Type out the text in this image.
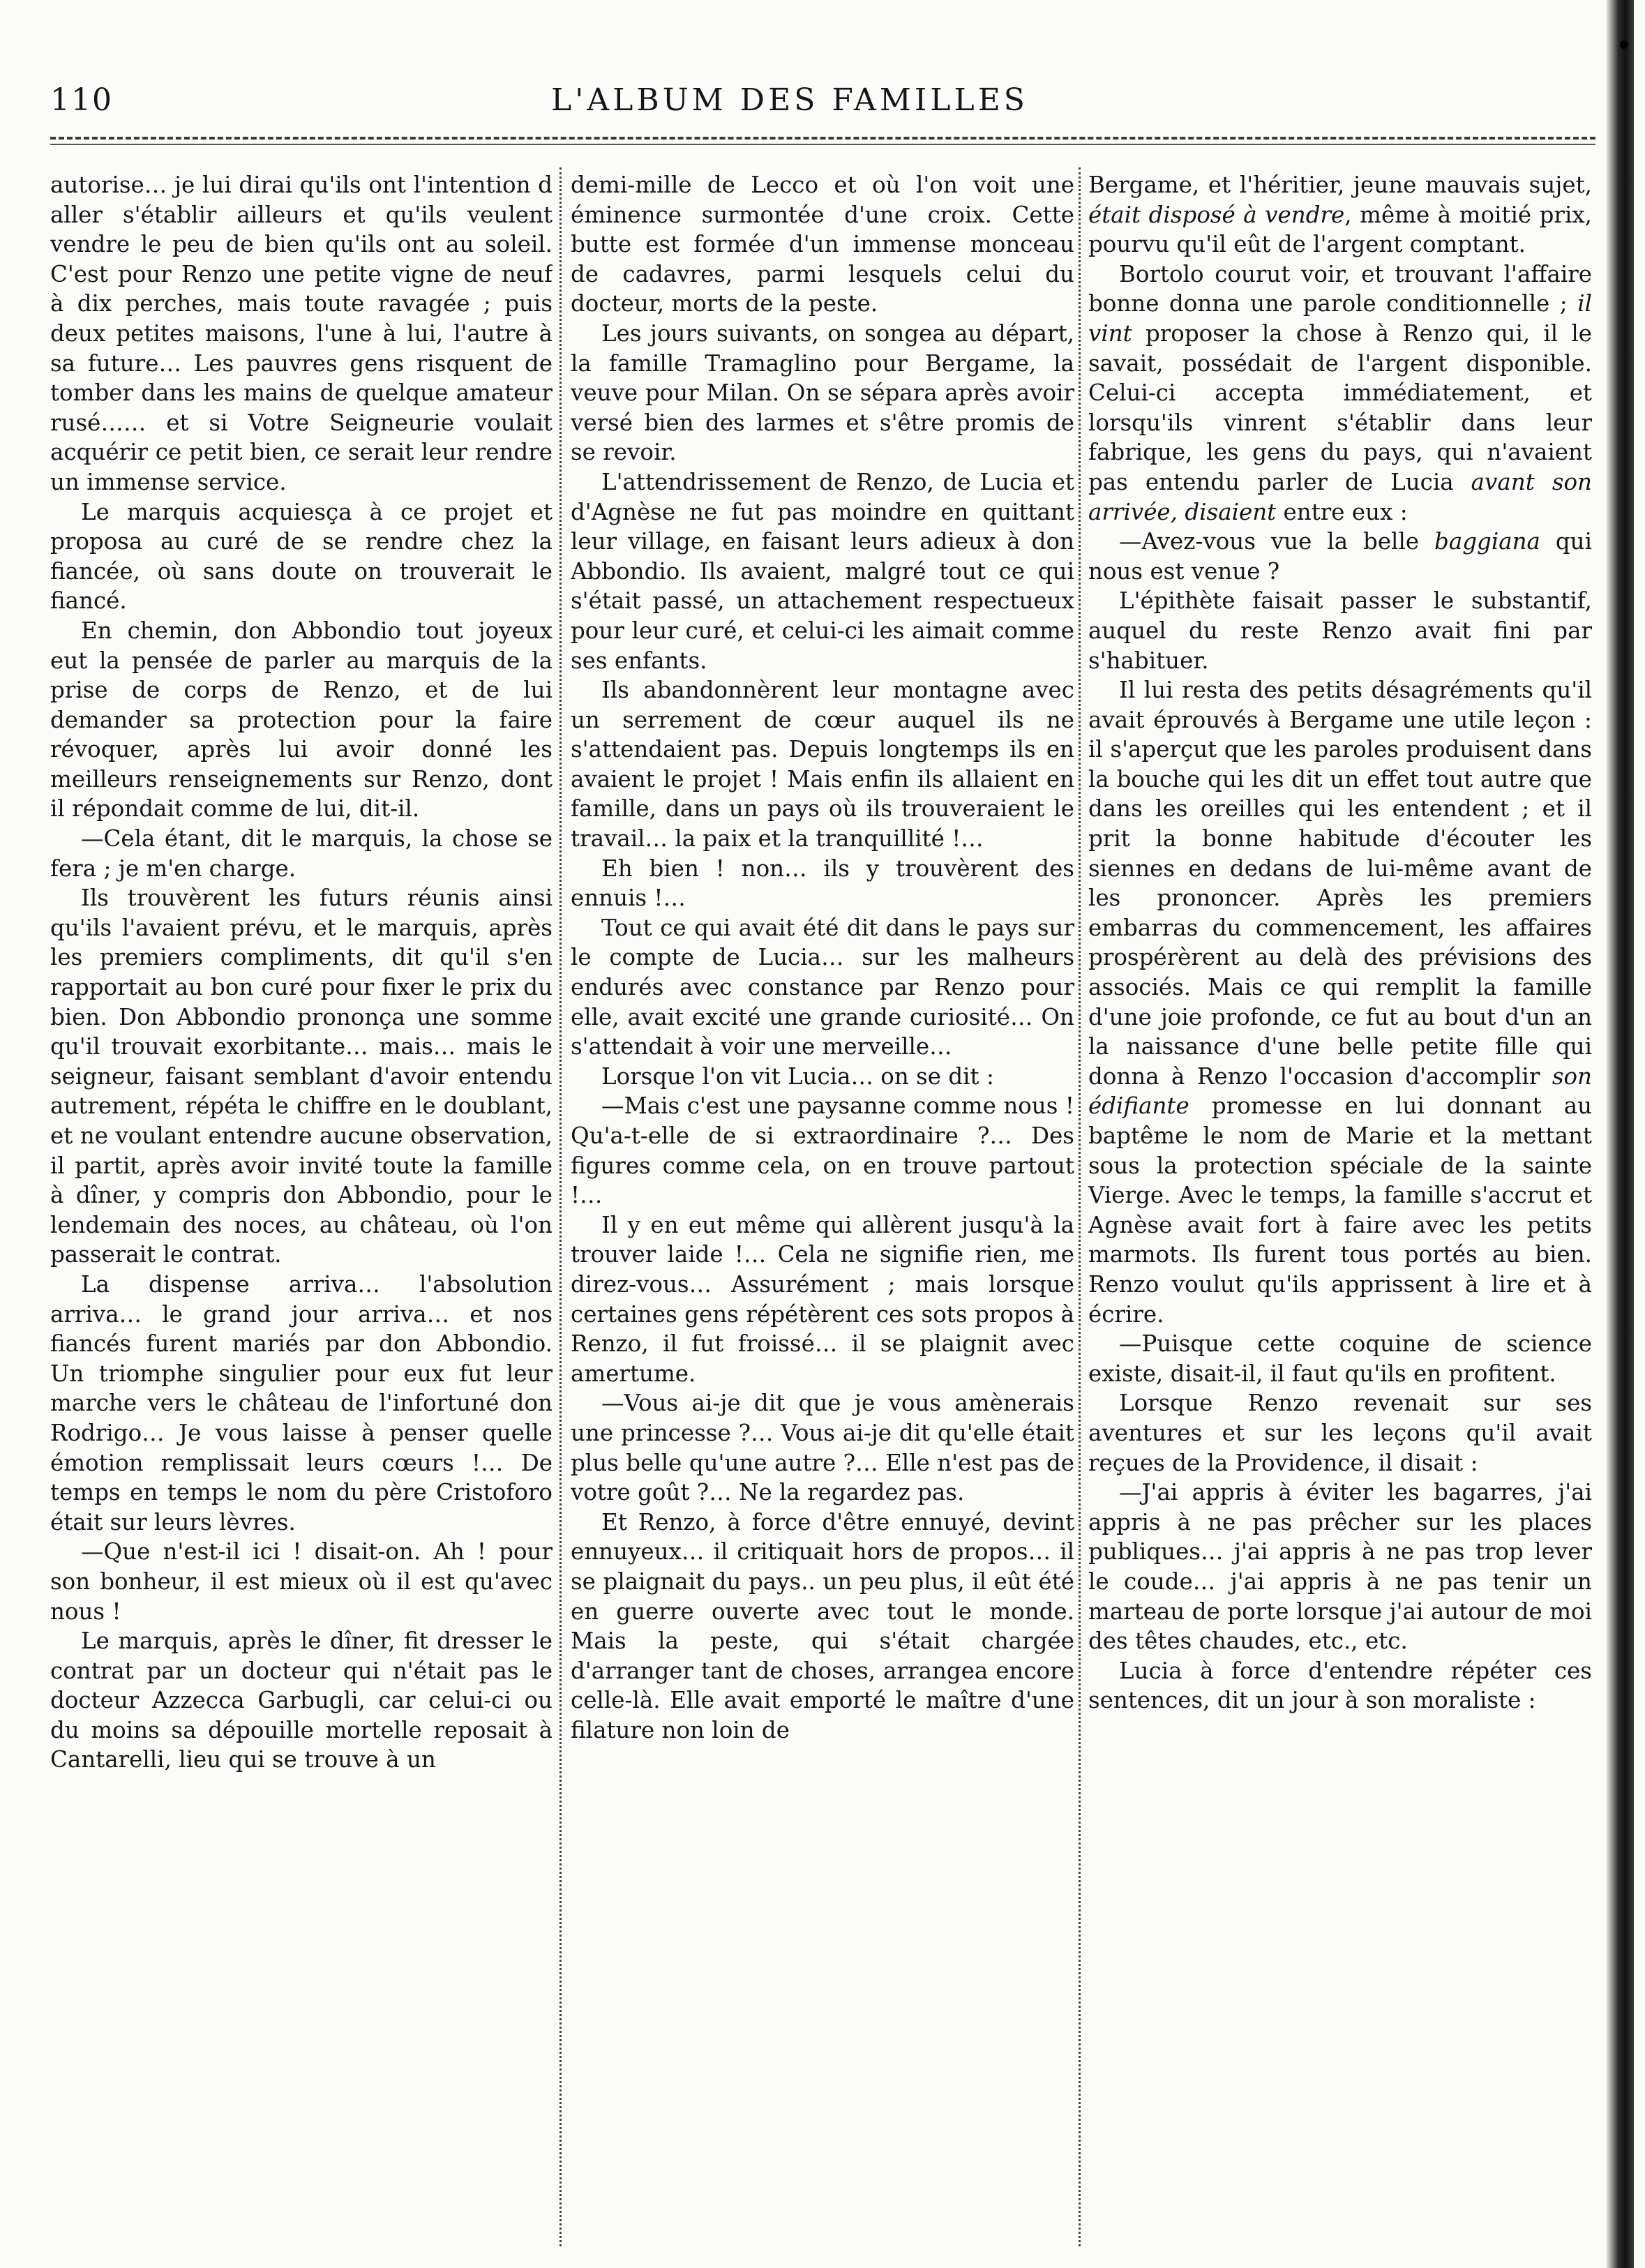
110	L'ALBUM DES FAMILLES

autorise… je lui dirai qu'ils ont l'intention d aller s'établir ailleurs et qu'ils veulent vendre le peu de bien qu'ils ont au soleil. C'est pour Renzo une petite vigne de neuf à dix perches, mais toute ravagée ; puis deux petites maisons, l'une à lui, l'autre à sa future… Les pauvres gens risquent de tomber dans les mains de quelque amateur rusé…… et si Votre Seigneurie voulait acquérir ce petit bien, ce serait leur rendre un immense service.

Le marquis acquiesça à ce projet et proposa au curé de se rendre chez la fiancée, où sans doute on trouverait le fiancé.

En chemin, don Abbondio tout joyeux eut la pensée de parler au marquis de la prise de corps de Renzo, et de lui demander sa protection pour la faire révoquer, après lui avoir donné les meilleurs renseignements sur Renzo, dont il répondait comme de lui, dit-il.

—Cela étant, dit le marquis, la chose se fera ; je m'en charge.

Ils trouvèrent les futurs réunis ainsi qu'ils l'avaient prévu, et le marquis, après les premiers compliments, dit qu'il s'en rapportait au bon curé pour fixer le prix du bien. Don Abbondio prononça une somme qu'il trouvait exorbitante… mais… mais le seigneur, faisant semblant d'avoir entendu autrement, répéta le chiffre en le doublant, et ne voulant entendre aucune observation, il partit, après avoir invité toute la famille à dîner, y compris don Abbondio, pour le lendemain des noces, au château, où l'on passerait le contrat.

La dispense arriva… l'absolution arriva… le grand jour arriva… et nos fiancés furent mariés par don Abbondio. Un triomphe singulier pour eux fut leur marche vers le château de l'infortuné don Rodrigo… Je vous laisse à penser quelle émotion remplissait leurs cœurs !… De temps en temps le nom du père Cristoforo était sur leurs lèvres.

—Que n'est-il ici ! disait-on. Ah ! pour son bonheur, il est mieux où il est qu'avec nous !

Le marquis, après le dîner, fit dresser le contrat par un docteur qui n'était pas le docteur Azzecca Garbugli, car celui-ci ou du moins sa dépouille mortelle reposait à Cantarelli, lieu qui se trouve à un

demi-mille de Lecco et où l'on voit une éminence surmontée d'une croix. Cette butte est formée d'un immense monceau de cadavres, parmi lesquels celui du docteur, morts de la peste.

Les jours suivants, on songea au départ, la famille Tramaglino pour Bergame, la veuve pour Milan. On se sépara après avoir versé bien des larmes et s'être promis de se revoir.

L'attendrissement de Renzo, de Lucia et d'Agnèse ne fut pas moindre en quittant leur village, en faisant leurs adieux à don Abbondio. Ils avaient, malgré tout ce qui s'était passé, un attachement respectueux pour leur curé, et celui-ci les aimait comme ses enfants.

Ils abandonnèrent leur montagne avec un serrement de cœur auquel ils ne s'attendaient pas. Depuis longtemps ils en avaient le projet ! Mais enfin ils allaient en famille, dans un pays où ils trouveraient le travail… la paix et la tranquillité !…

Eh bien ! non… ils y trouvèrent des ennuis !…

Tout ce qui avait été dit dans le pays sur le compte de Lucia… sur les malheurs endurés avec constance par Renzo pour elle, avait excité une grande curiosité… On s'attendait à voir une merveille…

Lorsque l'on vit Lucia… on se dit :

—Mais c'est une paysanne comme nous ! Qu'a-t-elle de si extraordinaire ?… Des figures comme cela, on en trouve partout !…

Il y en eut même qui allèrent jusqu'à la trouver laide !… Cela ne signifie rien, me direz-vous… Assurément ; mais lorsque certaines gens répétèrent ces sots propos à Renzo, il fut froissé… il se plaignit avec amertume.

—Vous ai-je dit que je vous amènerais une princesse ?… Vous ai-je dit qu'elle était plus belle qu'une autre ?… Elle n'est pas de votre goût ?… Ne la regardez pas.

Et Renzo, à force d'être ennuyé, devint ennuyeux… il critiquait hors de propos… il se plaignait du pays.. un peu plus, il eût été en guerre ouverte avec tout le monde. Mais la peste, qui s'était chargée d'arranger tant de choses, arrangea encore celle-là. Elle avait emporté le maître d'une filature non loin de

Bergame, et l'héritier, jeune mauvais sujet, était disposé à vendre, même à moitié prix, pourvu qu'il eût de l'argent comptant.

Bortolo courut voir, et trouvant l'affaire bonne donna une parole conditionnelle ; il vint proposer la chose à Renzo qui, il le savait, possédait de l'argent disponible. Celui-ci accepta immédiatement, et lorsqu'ils vinrent s'établir dans leur fabrique, les gens du pays, qui n'avaient pas entendu parler de Lucia avant son arrivée, disaient entre eux :

—Avez-vous vue la belle baggiana qui nous est venue ?

L'épithète faisait passer le substantif, auquel du reste Renzo avait fini par s'habituer.

Il lui resta des petits désagréments qu'il avait éprouvés à Bergame une utile leçon : il s'aperçut que les paroles produisent dans la bouche qui les dit un effet tout autre que dans les oreilles qui les entendent ; et il prit la bonne habitude d'écouter les siennes en dedans de lui-même avant de les prononcer. Après les premiers embarras du commencement, les affaires prospérèrent au delà des prévisions des associés. Mais ce qui remplit la famille d'une joie profonde, ce fut au bout d'un an la naissance d'une belle petite fille qui donna à Renzo l'occasion d'accomplir son édifiante promesse en lui donnant au baptême le nom de Marie et la mettant sous la protection spéciale de la sainte Vierge. Avec le temps, la famille s'accrut et Agnèse avait fort à faire avec les petits marmots. Ils furent tous portés au bien. Renzo voulut qu'ils apprissent à lire et à écrire.

—Puisque cette coquine de science existe, disait-il, il faut qu'ils en profitent.

Lorsque Renzo revenait sur ses aventures et sur les leçons qu'il avait reçues de la Providence, il disait :

—J'ai appris à éviter les bagarres, j'ai appris à ne pas prêcher sur les places publiques… j'ai appris à ne pas trop lever le coude… j'ai appris à ne pas tenir un marteau de porte lorsque j'ai autour de moi des têtes chaudes, etc., etc.

Lucia à force d'entendre répéter ces sentences, dit un jour à son moraliste :
